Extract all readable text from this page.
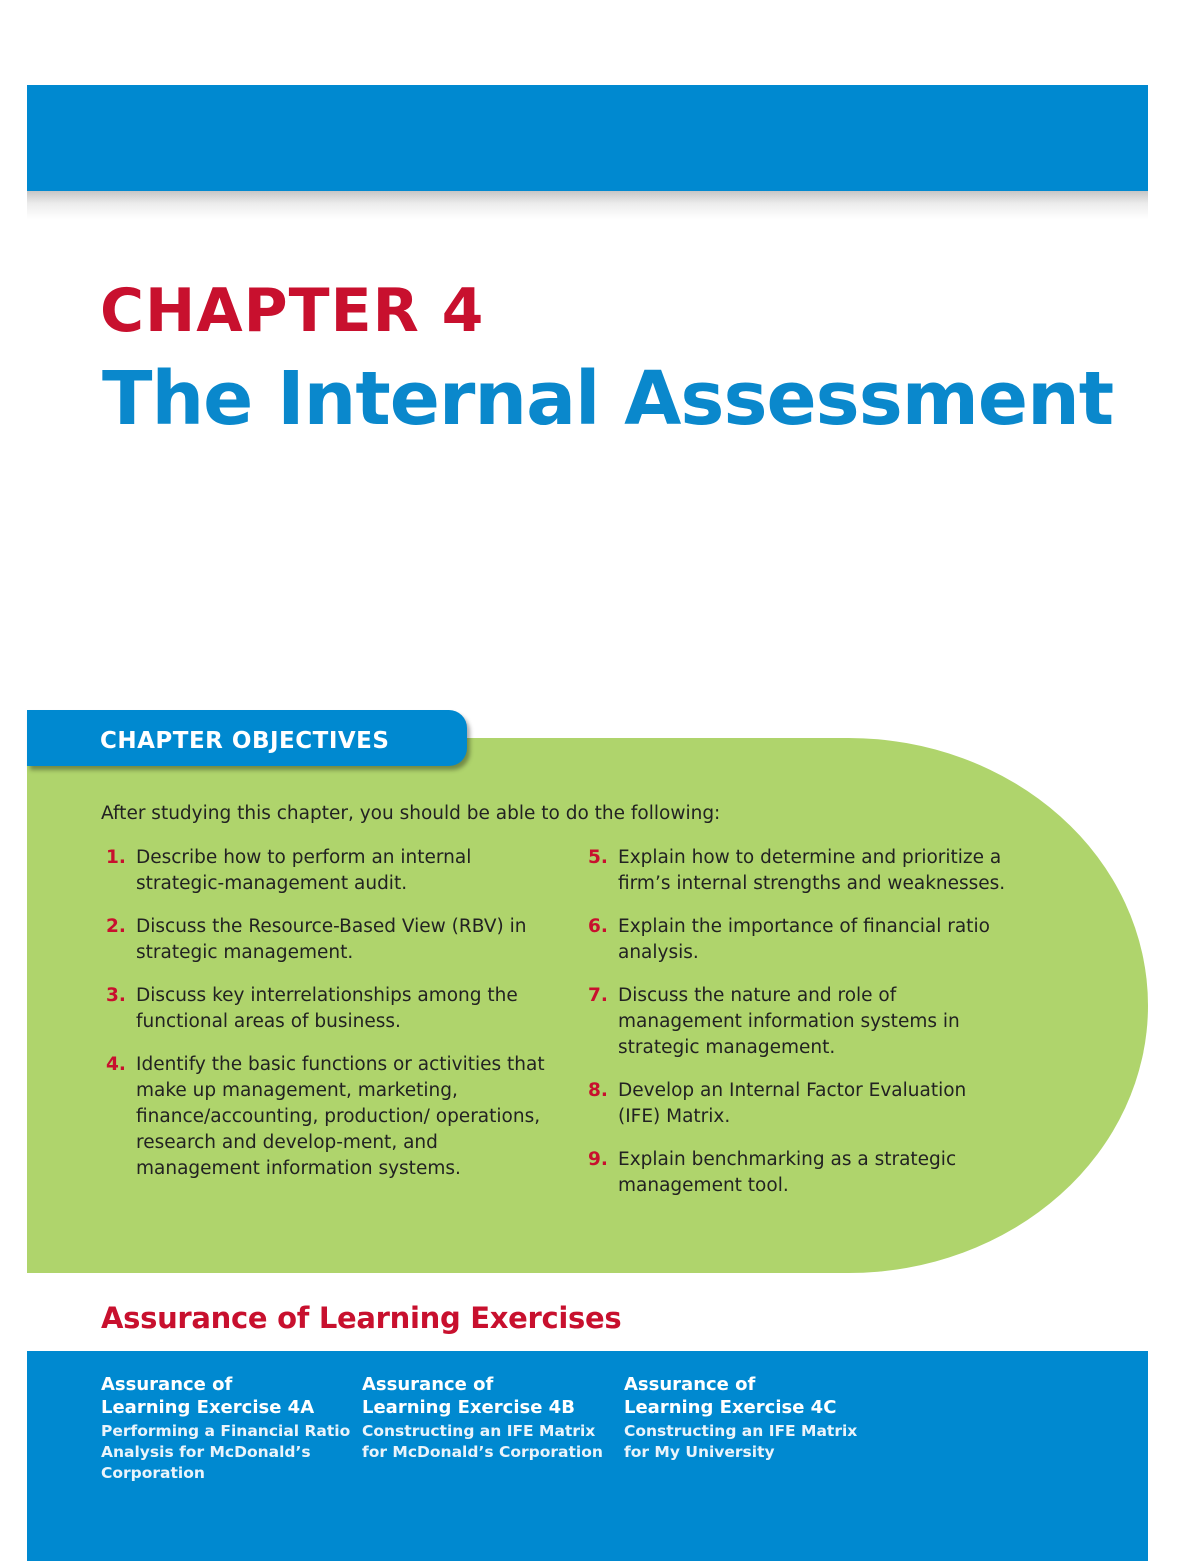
CHAPTER 4
The Internal Assessment
CHAPTER OBJECTIVES

After studying this chapter, you should be able to do the following:

1. Describe how to perform an internal strategic-management audit.
2. Discuss the Resource-Based View (RBV) in strategic management.
3. Discuss key interrelationships among the functional areas of business.
4. Identify the basic functions or activities that make up management, marketing, finance/accounting, production/ operations, research and develop-ment, and management information systems.
5. Explain how to determine and prioritize a firm’s internal strengths and weaknesses.
6. Explain the importance of financial ratio analysis.
7. Discuss the nature and role of management information systems in strategic management.
8. Develop an Internal Factor Evaluation (IFE) Matrix.
9. Explain benchmarking as a strategic management tool.
Assurance of Learning Exercises
Assurance of
Learning Exercise 4A
Performing a Financial Ratio Analysis for McDonald’s Corporation
Assurance of
Learning Exercise 4B
Constructing an IFE Matrix for McDonald’s Corporation
Assurance of
Learning Exercise 4C
Constructing an IFE Matrix for My University
